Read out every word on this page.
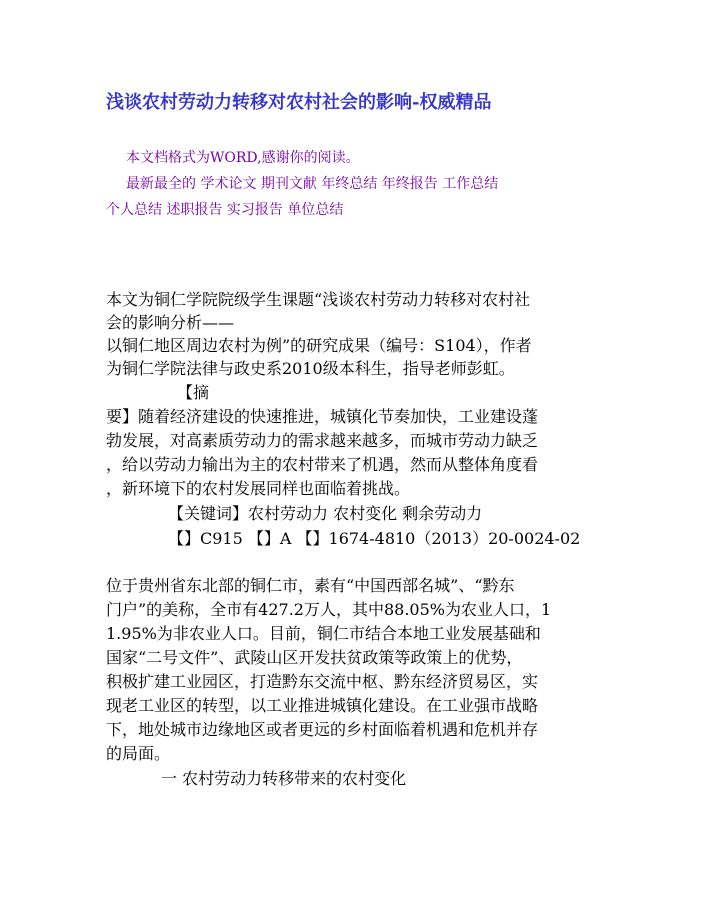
浅谈农村劳动力转移对农村社会的影响-权威精品
本文档格式为WORD,感谢你的阅读。
最新最全的 学术论文 期刊文献 年终总结 年终报告 工作总结
个人总结 述职报告 实习报告 单位总结
本文为铜仁学院院级学生课题“浅谈农村劳动力转移对农村社
会的影响分析——
以铜仁地区周边农村为例”的研究成果（编号：S104），作者
为铜仁学院法律与政史系2010级本科生，指导老师彭虹。
【摘
要】随着经济建设的快速推进，城镇化节奏加快，工业建设蓬
勃发展，对高素质劳动力的需求越来越多，而城市劳动力缺乏
，给以劳动力输出为主的农村带来了机遇，然而从整体角度看
，新环境下的农村发展同样也面临着挑战。
【关键词】农村劳动力 农村变化 剩余劳动力
【】C915 【】A 【】1674-4810（2013）20-0024-02
位于贵州省东北部的铜仁市，素有“中国西部名城”、“黔东
门户”的美称，全市有427.2万人，其中88.05%为农业人口，1
1.95%为非农业人口。目前，铜仁市结合本地工业发展基础和
国家“二号文件”、武陵山区开发扶贫政策等政策上的优势，
积极扩建工业园区，打造黔东交流中枢、黔东经济贸易区，实
现老工业区的转型，以工业推进城镇化建设。在工业强市战略
下，地处城市边缘地区或者更远的乡村面临着机遇和危机并存
的局面。
一 农村劳动力转移带来的农村变化
